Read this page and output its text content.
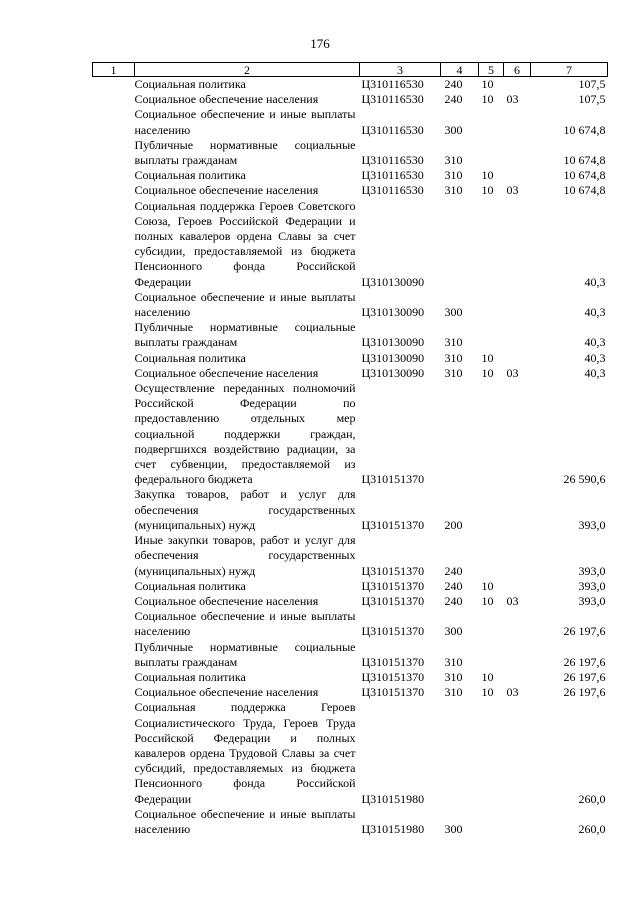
176
1	2	3	4	5	6	7
	Социальная политика	Ц310116530	240	10		107,5
	Социальное обеспечение населения	Ц310116530	240	10	03	107,5
	Социальное обеспечение и иные выплаты населению	Ц310116530	300			10 674,8
	Публичные нормативные социальные выплаты гражданам	Ц310116530	310			10 674,8
	Социальная политика	Ц310116530	310	10		10 674,8
	Социальное обеспечение населения	Ц310116530	310	10	03	10 674,8
	Социальная поддержка Героев Советского Союза, Героев Российской Федерации и полных кавалеров ордена Славы за счет субсидии, предоставляемой из бюджета Пенсионного фонда Российской Федерации	Ц310130090				40,3
	Социальное обеспечение и иные выплаты населению	Ц310130090	300			40,3
	Публичные нормативные социальные выплаты гражданам	Ц310130090	310			40,3
	Социальная политика	Ц310130090	310	10		40,3
	Социальное обеспечение населения	Ц310130090	310	10	03	40,3
	Осуществление переданных полномочий Российской Федерации по предоставлению отдельных мер социальной поддержки граждан, подвергшихся воздействию радиации, за счет субвенции, предоставляемой из федерального бюджета	Ц310151370				26 590,6
	Закупка товаров, работ и услуг для обеспечения государственных (муниципальных) нужд	Ц310151370	200			393,0
	Иные закупки товаров, работ и услуг для обеспечения государственных (муниципальных) нужд	Ц310151370	240			393,0
	Социальная политика	Ц310151370	240	10		393,0
	Социальное обеспечение населения	Ц310151370	240	10	03	393,0
	Социальное обеспечение и иные выплаты населению	Ц310151370	300			26 197,6
	Публичные нормативные социальные выплаты гражданам	Ц310151370	310			26 197,6
	Социальная политика	Ц310151370	310	10		26 197,6
	Социальное обеспечение населения	Ц310151370	310	10	03	26 197,6
	Социальная поддержка Героев Социалистического Труда, Героев Труда Российской Федерации и полных кавалеров ордена Трудовой Славы за счет субсидий, предоставляемых из бюджета Пенсионного фонда Российской Федерации	Ц310151980				260,0
	Социальное обеспечение и иные выплаты населению	Ц310151980	300			260,0
